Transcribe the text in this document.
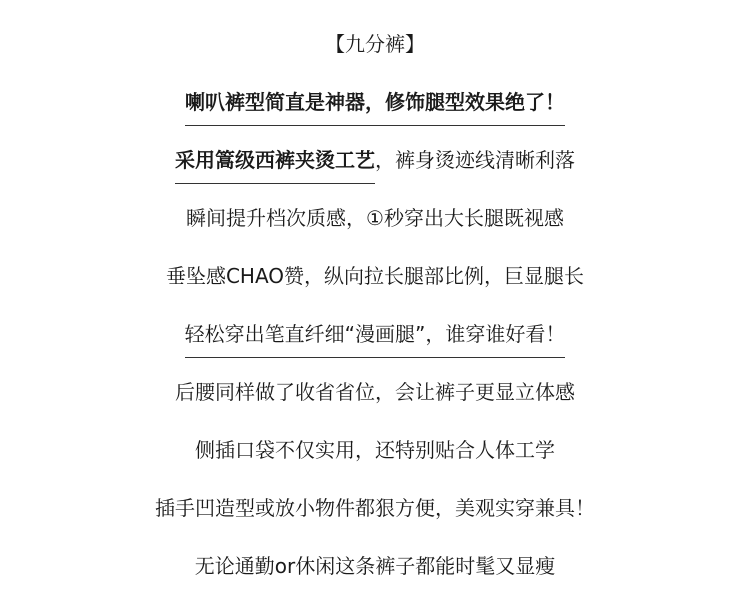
【九分裤】
喇叭裤型简直是神器，修饰腿型效果绝了！
采用篙级西裤夹烫工艺，裤身烫迹线清晰利落
瞬间提升档次质感，①秒穿出大长腿既视感
垂坠感CHAO赞，纵向拉长腿部比例，巨显腿长
轻松穿出笔直纤细“漫画腿”，谁穿谁好看！
后腰同样做了收省省位，会让裤子更显立体感
侧插口袋不仅实用，还特别贴合人体工学
插手凹造型或放小物件都狠方便，美观实穿兼具！
无论通勤or休闲这条裤子都能时髦又显瘦
